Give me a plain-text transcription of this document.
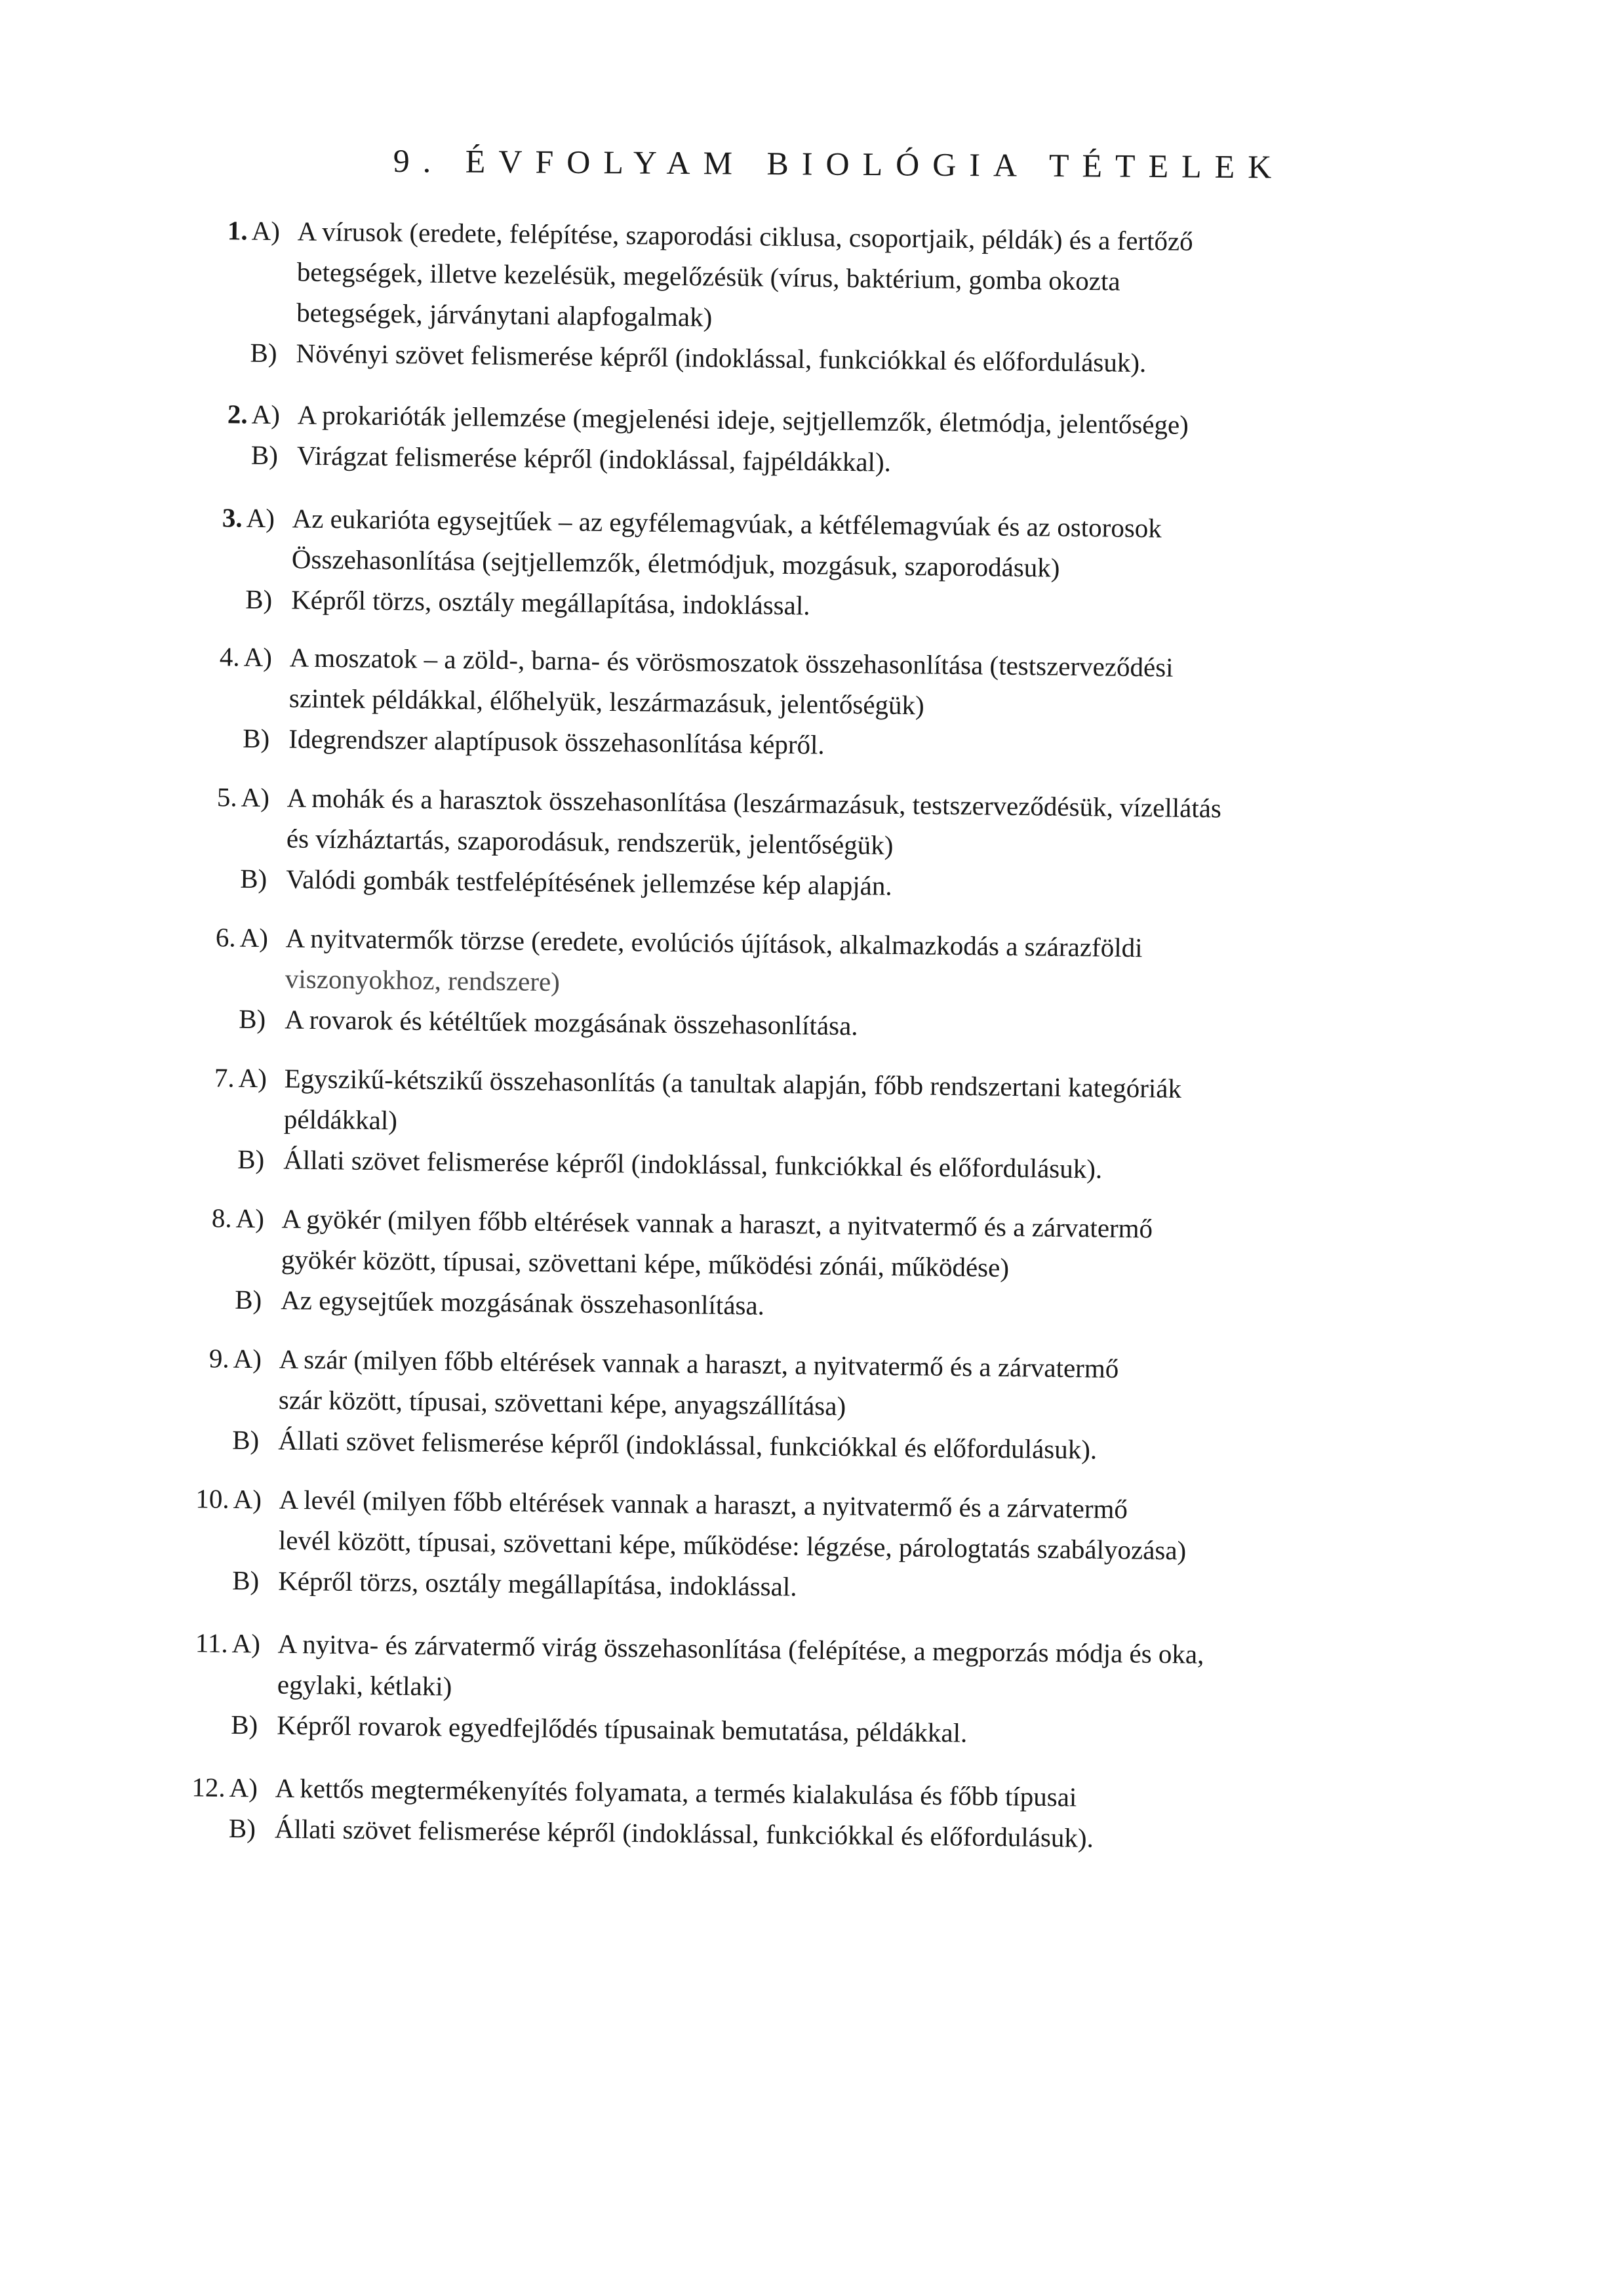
9. ÉVFOLYAM BIOLÓGIA TÉTELEK
1. A) A vírusok (eredete, felépítése, szaporodási ciklusa, csoportjaik, példák) és a fertőző
betegségek, illetve kezelésük, megelőzésük (vírus, baktérium, gomba okozta
betegségek, járványtani alapfogalmak)
B) Növényi szövet felismerése képről (indoklással, funkciókkal és előfordulásuk).
2. A) A prokarióták jellemzése (megjelenési ideje, sejtjellemzők, életmódja, jelentősége)
B) Virágzat felismerése képről (indoklással, fajpéldákkal).
3. A) Az eukarióta egysejtűek – az egyfélemagvúak, a kétfélemagvúak és az ostorosok
Összehasonlítása (sejtjellemzők, életmódjuk, mozgásuk, szaporodásuk)
B) Képről törzs, osztály megállapítása, indoklással.
4. A) A moszatok – a zöld-, barna- és vörösmoszatok összehasonlítása (testszerveződési
szintek példákkal, élőhelyük, leszármazásuk, jelentőségük)
B) Idegrendszer alaptípusok összehasonlítása képről.
5. A) A mohák és a harasztok összehasonlítása (leszármazásuk, testszerveződésük, vízellátás
és vízháztartás, szaporodásuk, rendszerük, jelentőségük)
B) Valódi gombák testfelépítésének jellemzése kép alapján.
6. A) A nyitvatermők törzse (eredete, evolúciós újítások, alkalmazkodás a szárazföldi
viszonyokhoz, rendszere)
B) A rovarok és kétéltűek mozgásának összehasonlítása.
7. A) Egyszikű-kétszikű összehasonlítás (a tanultak alapján, főbb rendszertani kategóriák
példákkal)
B) Állati szövet felismerése képről (indoklással, funkciókkal és előfordulásuk).
8. A) A gyökér (milyen főbb eltérések vannak a haraszt, a nyitvatermő és a zárvatermő
gyökér között, típusai, szövettani képe, működési zónái, működése)
B) Az egysejtűek mozgásának összehasonlítása.
9. A) A szár (milyen főbb eltérések vannak a haraszt, a nyitvatermő és a zárvatermő
szár között, típusai, szövettani képe, anyagszállítása)
B) Állati szövet felismerése képről (indoklással, funkciókkal és előfordulásuk).
10. A) A levél (milyen főbb eltérések vannak a haraszt, a nyitvatermő és a zárvatermő
levél között, típusai, szövettani képe, működése: légzése, párologtatás szabályozása)
B) Képről törzs, osztály megállapítása, indoklással.
11. A) A nyitva- és zárvatermő virág összehasonlítása (felépítése, a megporzás módja és oka,
egylaki, kétlaki)
B) Képről rovarok egyedfejlődés típusainak bemutatása, példákkal.
12. A) A kettős megtermékenyítés folyamata, a termés kialakulása és főbb típusai
B) Állati szövet felismerése képről (indoklással, funkciókkal és előfordulásuk).
